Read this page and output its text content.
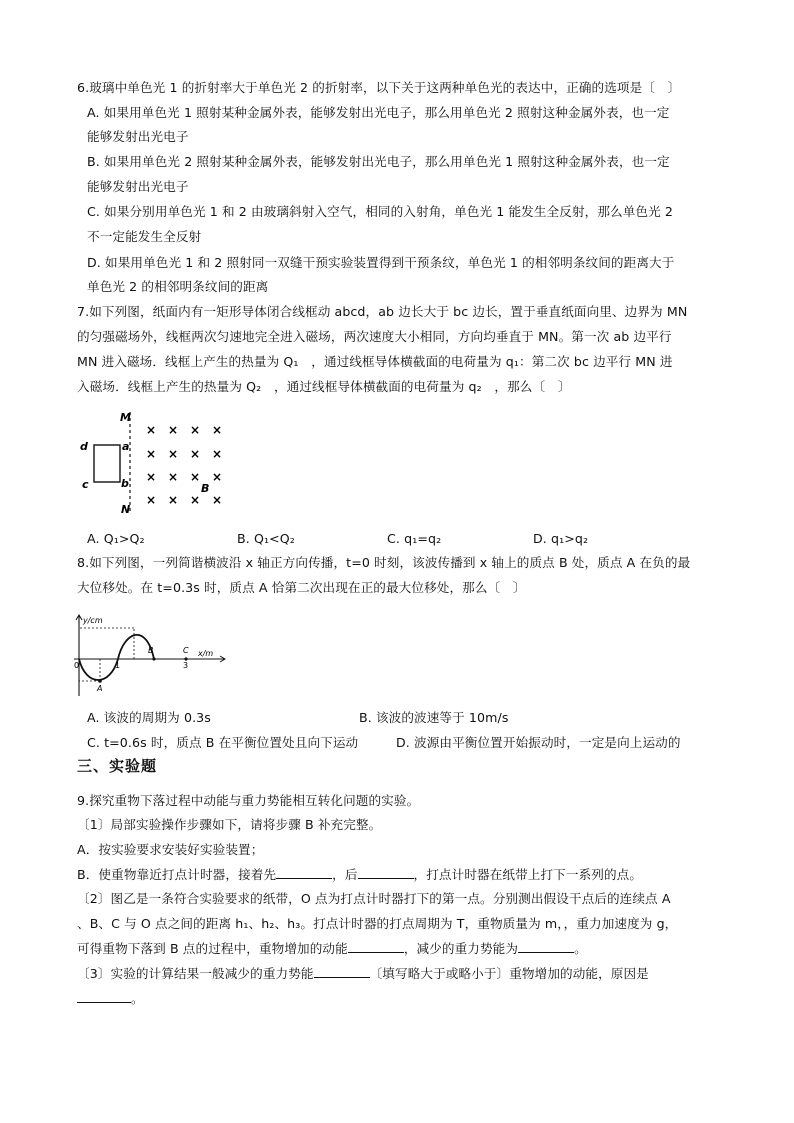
6.玻璃中单色光 1 的折射率大于单色光 2 的折射率，以下关于这两种单色光的表达中，正确的选项是〔　〕
A. 如果用单色光 1 照射某种金属外表，能够发射出光电子，那么用单色光 2 照射这种金属外表，也一定
能够发射出光电子
B. 如果用单色光 2 照射某种金属外表，能够发射出光电子，那么用单色光 1 照射这种金属外表，也一定
能够发射出光电子
C. 如果分别用单色光 1 和 2 由玻璃斜射入空气，相同的入射角，单色光 1 能发生全反射，那么单色光 2
不一定能发生全反射
D. 如果用单色光 1 和 2 照射同一双缝干预实验装置得到干预条纹，单色光 1 的相邻明条纹间的距离大于
单色光 2 的相邻明条纹间的距离
7.如下列图，纸面内有一矩形导体闭合线框动 abcd，ab 边长大于 bc 边长，置于垂直纸面向里、边界为 MN
的匀强磁场外，线框两次匀速地完全进入磁场，两次速度大小相同，方向均垂直于 MN。第一次 ab 边平行
MN 进入磁场．线框上产生的热量为 Q₁　，通过线框导体横截面的电荷量为 q₁：第二次 bc 边平行 MN 进
入磁场．线框上产生的热量为 Q₂　，通过线框导体横截面的电荷量为 q₂　，那么〔　〕
M
N
d	a
c	b
× × × ×
× × × ×
× × × ×
× × × ×
B
A. Q₁>Q₂	B. Q₁<Q₂	C. q₁=q₂	D. q₁>q₂
8.如下列图，一列简谐横波沿 x 轴正方向传播，t=0 时刻，该波传播到 x 轴上的质点 B 处，质点 A 在负的最
大位移处。在 t=0.3s 时，质点 A 恰第二次出现在正的最大位移处，那么〔　〕
y/cm
x/m
0	1	3
A
B	C
A. 该波的周期为 0.3s	B. 该波的波速等于 10m/s
C. t=0.6s 时，质点 B 在平衡位置处且向下运动	D. 波源由平衡位置开始振动时，一定是向上运动的
三、实验题
9.探究重物下落过程中动能与重力势能相互转化问题的实验。
〔1〕局部实验操作步骤如下，请将步骤 B 补充完整。
A．按实验要求安装好实验装置；
B．使重物靠近打点计时器，接着先	，后	，打点计时器在纸带上打下一系列的点。
〔2〕图乙是一条符合实验要求的纸带，O 点为打点计时器打下的第一点。分别测出假设干点后的连续点 A
、B、C 与 O 点之间的距离 h₁、h₂、h₃。打点计时器的打点周期为 T，重物质量为 m，，重力加速度为 g，
可得重物下落到 B 点的过程中，重物增加的动能	，减少的重力势能为	。
〔3〕实验的计算结果一般减少的重力势能	〔填写略大于或略小于〕重物增加的动能，原因是
。
